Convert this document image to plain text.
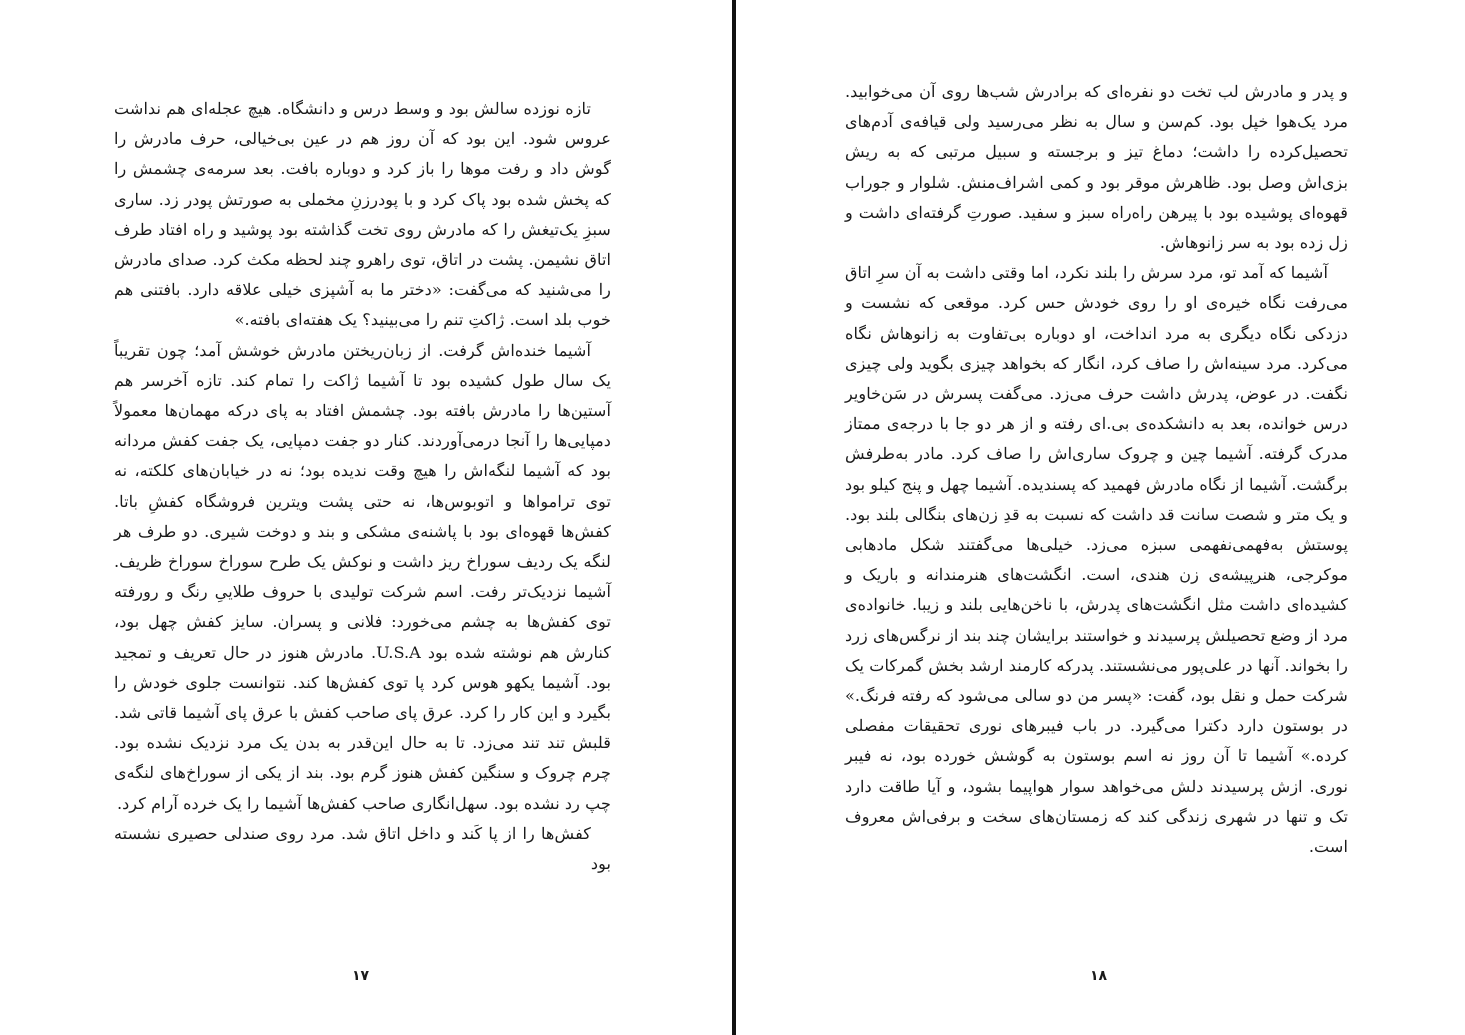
تازه نوزده سالش بود و وسط درس و دانشگاه. هیچ عجله‌ای هم نداشت عروس شود. این بود که آن روز هم در عین بی‌خیالی، حرف مادرش را گوش داد و رفت موها را باز کرد و دوباره بافت. بعد سرمه‌ی چشمش را که پخش شده بود پاک کرد و با پودرزنِ مخملی به صورتش پودر زد. ساری سبزِ یک‌تیغش را که مادرش روی تخت گذاشته بود پوشید و راه افتاد طرف اتاق نشیمن. پشت در اتاق، توی راهرو چند لحظه مکث کرد. صدای مادرش را می‌شنید که می‌گفت: «دختر ما به آشپزی خیلی علاقه دارد. بافتنی هم خوب بلد است. ژاکتِ تنم را می‌بینید؟ یک هفته‌ای بافته.»

آشیما خنده‌اش گرفت. از زبان‌ریختن مادرش خوشش آمد؛ چون تقریباً یک سال طول کشیده بود تا آشیما ژاکت را تمام کند. تازه آخرسر هم آستین‌ها را مادرش بافته بود. چشمش افتاد به پای درکه مهمان‌ها معمولاً دمپایی‌ها را آنجا درمی‌آوردند. کنار دو جفت دمپایی، یک جفت کفش مردانه بود که آشیما لنگه‌اش را هیچ وقت ندیده بود؛ نه در خیابان‌های کلکته، نه توی تراموا‌ها و اتوبوس‌ها، نه حتی پشت ویترین فروشگاه کفشِ باتا. کفش‌ها قهوه‌ای بود با پاشنه‌ی مشکی و بند و دوخت شیری. دو طرف هر لنگه یک ردیف سوراخ ریز داشت و نوکش یک طرح سوراخ سوراخ ظریف. آشیما نزدیک‌تر رفت. اسم شرکت تولیدی با حروف طلاییِ رنگ و رورفته توی کفش‌ها به چشم می‌خورد: فلانی و پسران. سایز کفش چهل بود، کنارش هم نوشته شده بود U.S.A. مادرش هنوز در حال تعریف و تمجید بود. آشیما یکهو هوس کرد پا توی کفش‌ها کند. نتوانست جلوی خودش را بگیرد و این کار را کرد. عرق پای صاحب کفش با عرق پای آشیما قاتی شد. قلبش تند تند می‌زد. تا به حال این‌قدر به بدن یک مرد نزدیک نشده بود. چرم چروک و سنگین کفش هنوز گرم بود. بند از یکی از سوراخ‌های لنگه‌ی چپ رد نشده بود. سهل‌انگاری صاحب کفش‌ها آشیما را یک خرده آرام کرد.

کفش‌ها را از پا کَند و داخل اتاق شد. مرد روی صندلی حصیری نشسته بود

۱۷

و پدر و مادرش لب تخت دو نفره‌ای که برادرش شب‌ها روی آن می‌خوابید. مرد یک‌هوا خپل بود. کم‌سن و سال به نظر می‌رسید ولی قیافه‌ی آدم‌های تحصیل‌کرده را داشت؛ دماغ تیز و برجسته و سبیل مرتبی که به ریش بزی‌اش وصل بود. ظاهرش موقر بود و کمی اشراف‌منش. شلوار و جوراب قهوه‌ای پوشیده بود با پیرهن راه‌راه سبز و سفید. صورتِ گرفته‌ای داشت و زل زده بود به سر زانوهاش.

آشیما که آمد تو، مرد سرش را بلند نکرد، اما وقتی داشت به آن سرِ اتاق می‌رفت نگاه خیره‌ی او را روی خودش حس کرد. موقعی که نشست و دزدکی نگاه دیگری به مرد انداخت، او دوباره بی‌تفاوت به زانوهاش نگاه می‌کرد. مرد سینه‌اش را صاف کرد، انگار که بخواهد چیزی بگوید ولی چیزی نگفت. در عوض، پدرش داشت حرف می‌زد. می‌گفت پسرش در سَن‌خاویر درس خوانده، بعد به دانشکده‌ی بی.ای رفته و از هر دو جا با درجه‌ی ممتاز مدرک گرفته. آشیما چین و چروک ساری‌اش را صاف کرد. مادر به‌طرفش برگشت. آشیما از نگاه مادرش فهمید که پسندیده. آشیما چهل و پنج کیلو بود و یک متر و شصت سانت قد داشت که نسبت به قدِ زن‌های بنگالی بلند بود. پوستش به‌فهمی‌نفهمی سبزه می‌زد. خیلی‌ها می‌گفتند شکل مادهابی موکرجی، هنرپیشه‌ی زن هندی، است. انگشت‌های هنرمندانه و باریک و کشیده‌ای داشت مثل انگشت‌های پدرش، با ناخن‌هایی بلند و زیبا. خانواده‌ی مرد از وضع تحصیلش پرسیدند و خواستند برایشان چند بند از نرگس‌های زرد را بخواند. آنها در علی‌پور می‌نشستند. پدرکه کارمند ارشد بخش گمرکات یک شرکت حمل و نقل بود، گفت: «پسر من دو سالی می‌شود که رفته فرنگ.» در بوستون دارد دکترا می‌گیرد. در باب فیبرهای نوری تحقیقات مفصلی کرده.» آشیما تا آن روز نه اسم بوستون به گوشش خورده بود، نه فیبر نوری. ازش پرسیدند دلش می‌خواهد سوار هواپیما بشود، و آیا طاقت دارد تک و تنها در شهری زندگی کند که زمستان‌های سخت و برفی‌اش معروف است.

۱۸
